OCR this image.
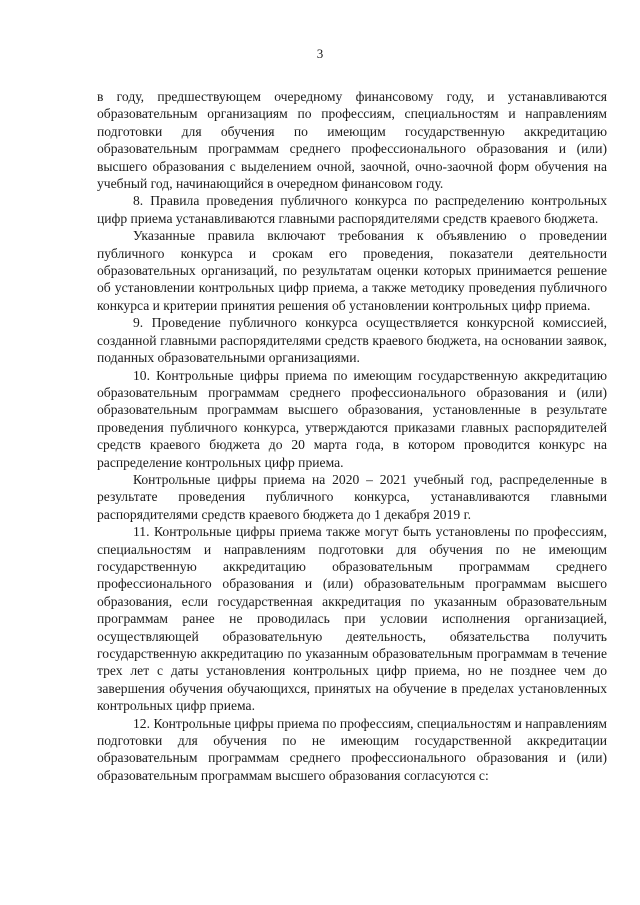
3

в году, предшествующем очередному финансовому году, и устанавливаются образовательным организациям по профессиям, специальностям и направлениям подготовки для обучения по имеющим государственную аккредитацию образовательным программам среднего профессионального образования и (или) высшего образования с выделением очной, заочной, очно-заочной форм обучения на учебный год, начинающийся в очередном финансовом году.

8. Правила проведения публичного конкурса по распределению контрольных цифр приема устанавливаются главными распорядителями средств краевого бюджета.

Указанные правила включают требования к объявлению о проведении публичного конкурса и срокам его проведения, показатели деятельности образовательных организаций, по результатам оценки которых принимается решение об установлении контрольных цифр приема, а также методику проведения публичного конкурса и критерии принятия решения об установлении контрольных цифр приема.

9. Проведение публичного конкурса осуществляется конкурсной комиссией, созданной главными распорядителями средств краевого бюджета, на основании заявок, поданных образовательными организациями.

10. Контрольные цифры приема по имеющим государственную аккредитацию образовательным программам среднего профессионального образования и (или) образовательным программам высшего образования, установленные в результате проведения публичного конкурса, утверждаются приказами главных распорядителей средств краевого бюджета до 20 марта года, в котором проводится конкурс на распределение контрольных цифр приема.

Контрольные цифры приема на 2020 – 2021 учебный год, распределенные в результате проведения публичного конкурса, устанавливаются главными распорядителями средств краевого бюджета до 1 декабря 2019 г.

11. Контрольные цифры приема также могут быть установлены по профессиям, специальностям и направлениям подготовки для обучения по не имеющим государственную аккредитацию образовательным программам среднего профессионального образования и (или) образовательным программам высшего образования, если государственная аккредитация по указанным образовательным программам ранее не проводилась при условии исполнения организацией, осуществляющей образовательную деятельность, обязательства получить государственную аккредитацию по указанным образовательным программам в течение трех лет с даты установления контрольных цифр приема, но не позднее чем до завершения обучения обучающихся, принятых на обучение в пределах установленных контрольных цифр приема.

12. Контрольные цифры приема по профессиям, специальностям и направлениям подготовки для обучения по не имеющим государственной аккредитации образовательным программам среднего профессионального образования и (или) образовательным программам высшего образования согласуются с:
